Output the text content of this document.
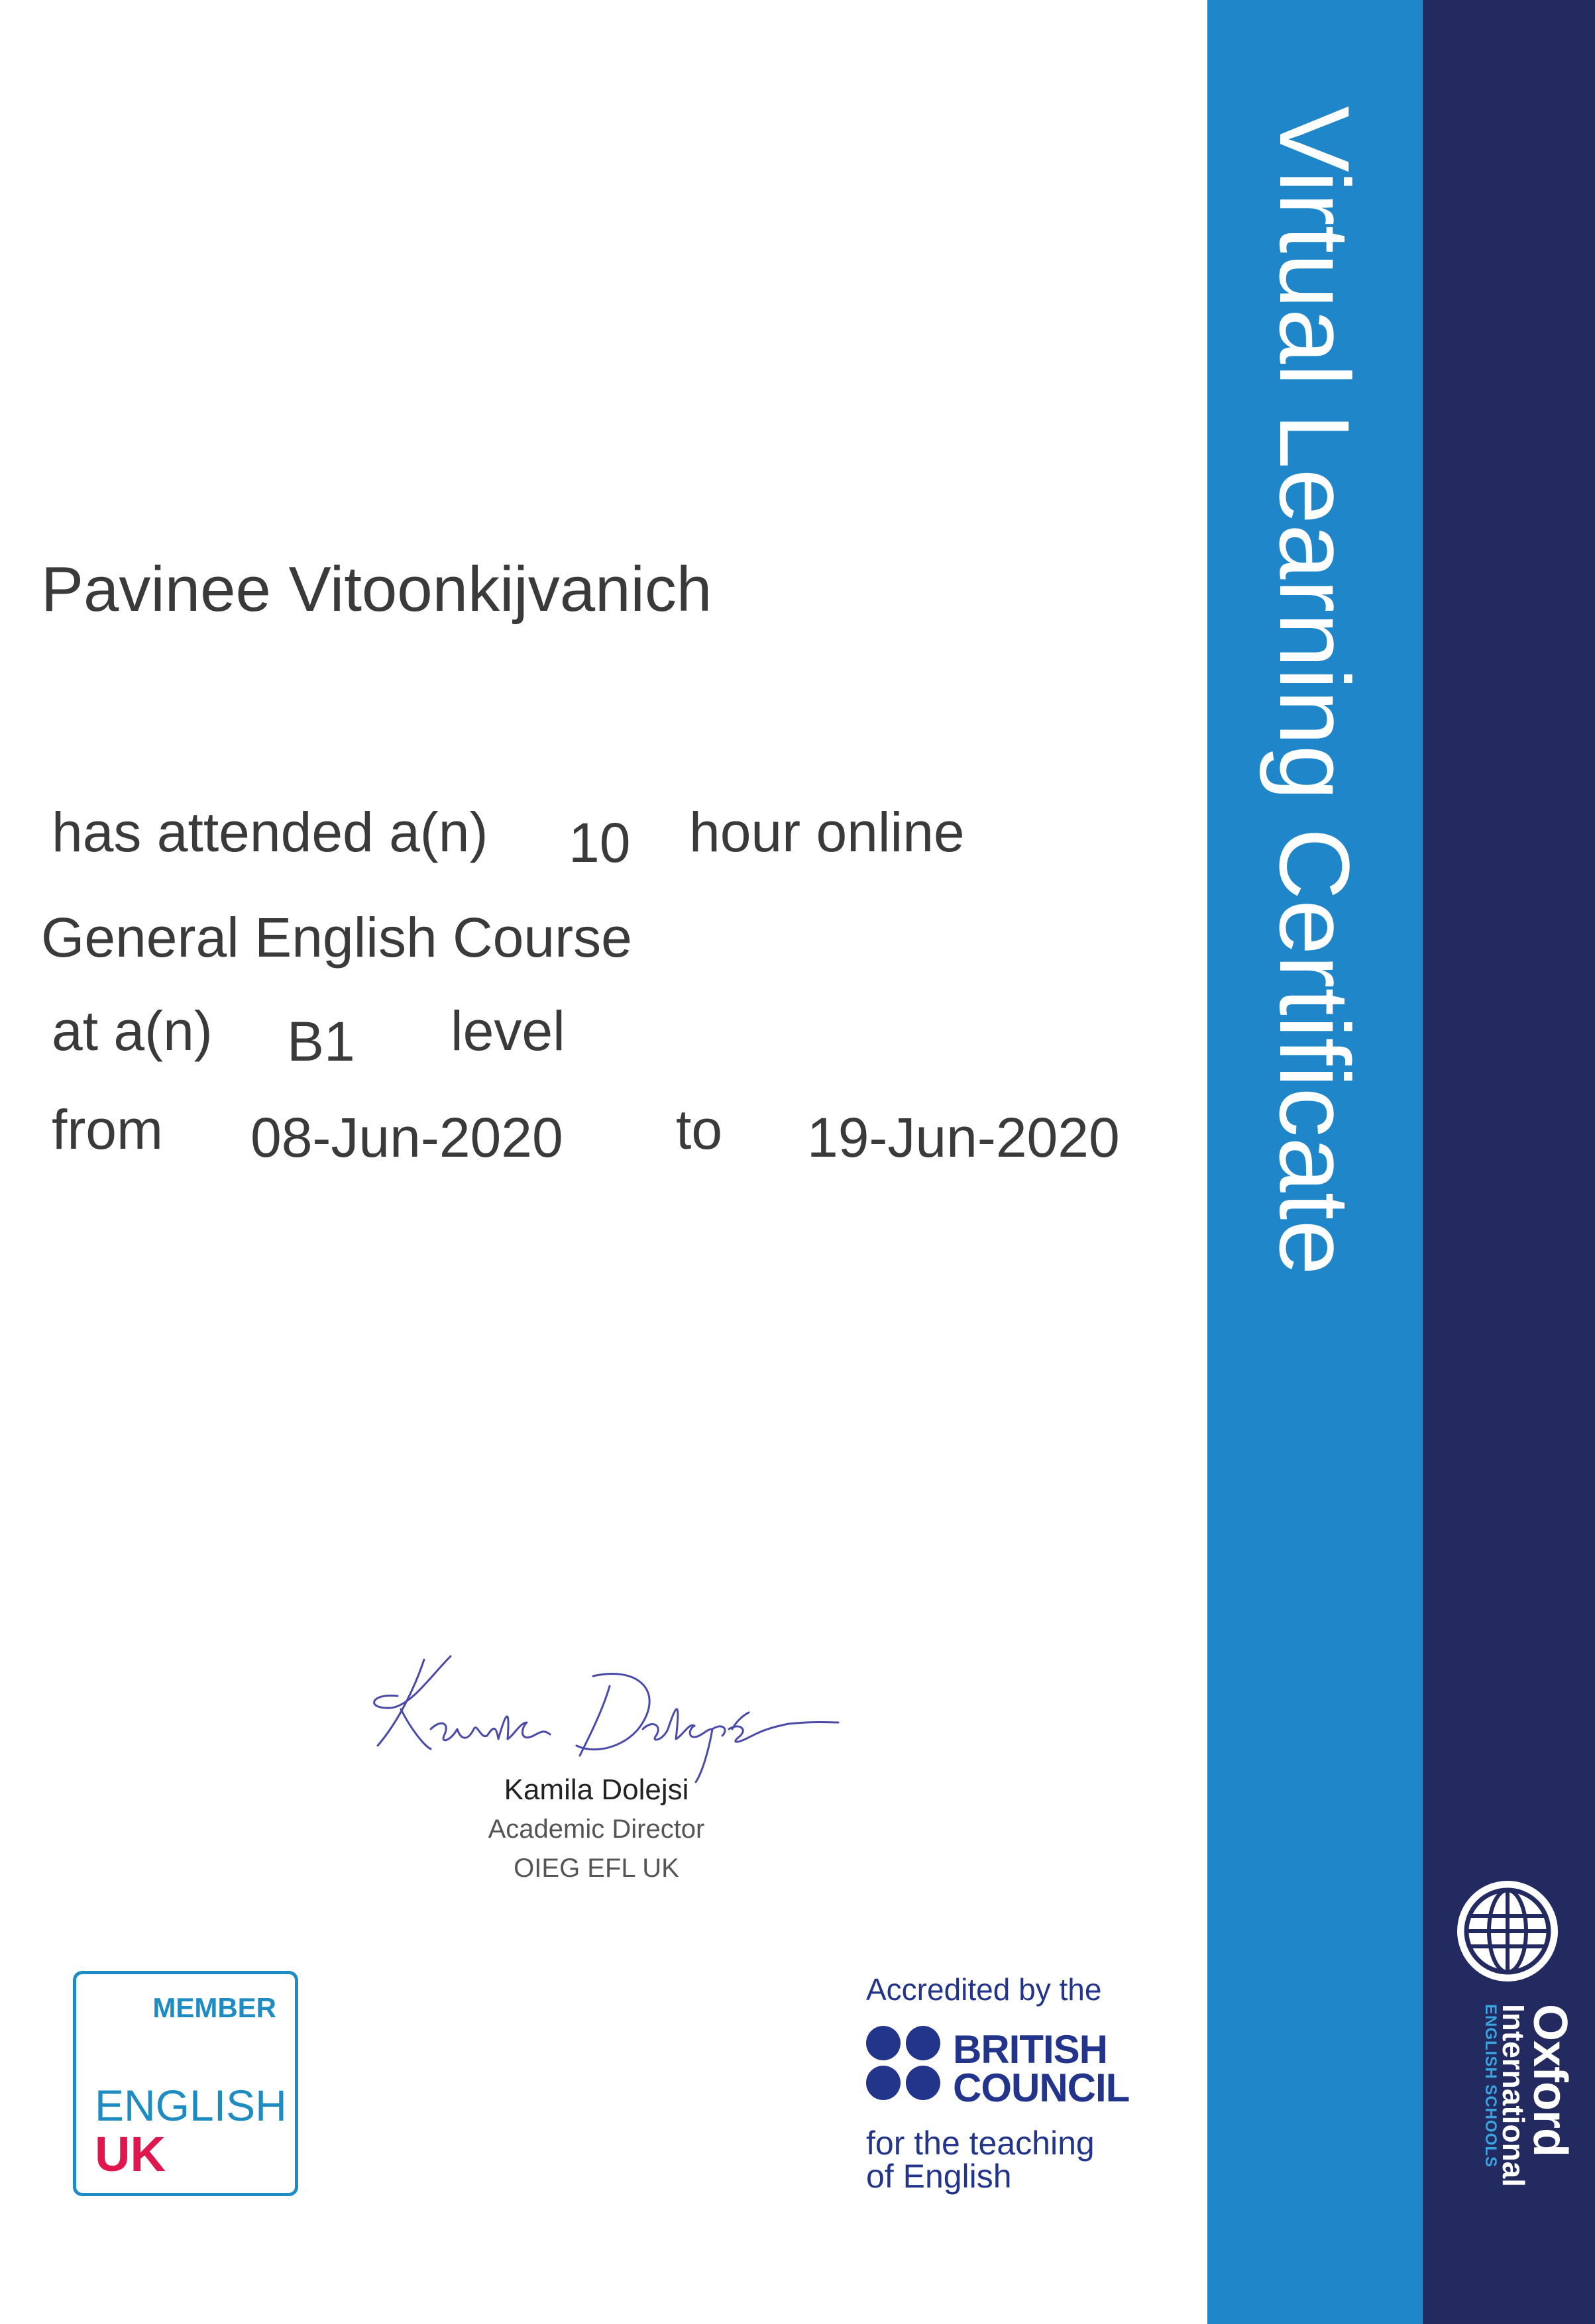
Virtual Learning Certificate
Pavinee Vitoonkijvanich
has attended a(n) 10 hour online
General English Course
at a(n) B1 level
from 08-Jun-2020 to 19-Jun-2020
Kamila Dolejsi
Academic Director
OIEG EFL UK
MEMBER
ENGLISH
UK
Accredited by the
BRITISH
COUNCIL
for the teaching
of English
Oxford
International
ENGLISH SCHOOLS
